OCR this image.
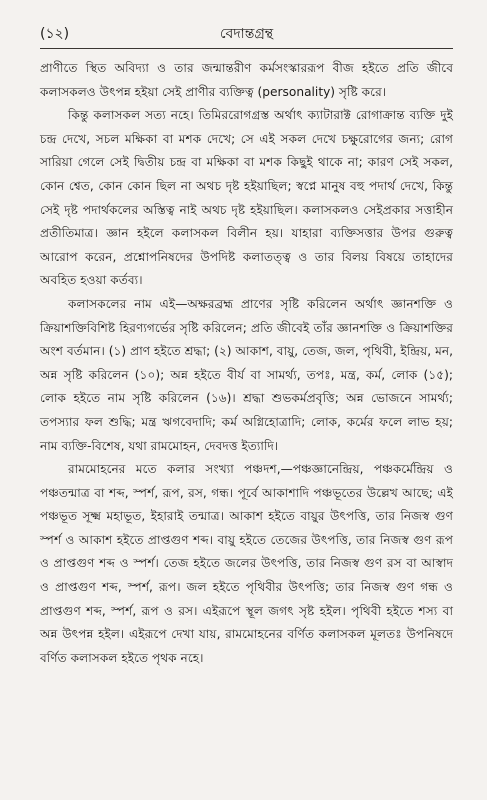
(১২)	বেদান্তগ্রন্থ

প্রাণীতে স্থিত অবিদ্যা ও তার জন্মান্তরীণ কর্মসংস্কাররূপ বীজ হইতে প্রতি জীবে কলাসকলও উৎপন্ন হইয়া সেই প্রাণীর ব্যক্তিত্ব (personality) সৃষ্টি করে।

কিন্তু কলাসকল সত্য নহে। তিমিররোগগ্রস্ত অর্থাৎ ক্যাটারাক্ট রোগাক্রান্ত ব্যক্তি দুই চন্দ্র দেখে, সচল মক্ষিকা বা মশক দেখে; সে এই সকল দেখে চক্ষুরোগের জন্য; রোগ সারিয়া গেলে সেই দ্বিতীয় চন্দ্র বা মক্ষিকা বা মশক কিছুই থাকে না; কারণ সেই সকল, কোন শ্বেত, কোন কোন ছিল না অথচ দৃষ্ট হইয়াছিল; স্বপ্নে মানুষ বহু পদার্থ দেখে, কিন্তু সেই দৃষ্ট পদার্থকলের অস্তিত্ব নাই অথচ দৃষ্ট হইয়াছিল। কলাসকলও সেইপ্রকার সত্তাহীন প্রতীতিমাত্র। জ্ঞান হইলে কলাসকল বিলীন হয়। যাহারা ব্যক্তিসত্তার উপর গুরুত্ব আরোপ করেন, প্রশ্নোপনিষদের উপদিষ্ট কলাতত্ত্ব ও তার বিলয় বিষয়ে তাহাদের অবহিত হওয়া কর্তব্য।

কলাসকলের নাম এই—অক্ষরব্রহ্ম প্রাণের সৃষ্টি করিলেন অর্থাৎ জ্ঞানশক্তি ও ক্রিয়াশক্তিবিশিষ্ট হিরণ্যগর্ভের সৃষ্টি করিলেন; প্রতি জীবেই তাঁর জ্ঞানশক্তি ও ক্রিয়াশক্তির অংশ বর্তমান। (১) প্রাণ হইতে শ্রদ্ধা; (২) আকাশ, বায়ু, তেজ, জল, পৃথিবী, ইন্দ্রিয়, মন, অন্ন সৃষ্টি করিলেন (১০); অন্ন হইতে বীর্য বা সামর্থ্য, তপঃ, মন্ত্র, কর্ম, লোক (১৫); লোক হইতে নাম সৃষ্টি করিলেন (১৬)। শ্রদ্ধা শুভকর্মপ্রবৃত্তি; অন্ন ভোজনে সামর্থ্য; তপস্যার ফল শুদ্ধি; মন্ত্র ঋগবেদাদি; কর্ম অগ্নিহোত্রাদি; লোক, কর্মের ফলে লাভ হয়; নাম ব্যক্তি-বিশেষ, যথা রামমোহন, দেবদত্ত ইত্যাদি।

রামমোহনের মতে কলার সংখ্যা পঞ্চদশ,—পঞ্চজ্ঞানেন্দ্রিয়, পঞ্চকর্মেন্দ্রিয় ও পঞ্চতন্মাত্র বা শব্দ, স্পর্শ, রূপ, রস, গন্ধ। পূর্বে আকাশাদি পঞ্চভূতের উল্লেখ আছে; এই পঞ্চভূত সূক্ষ্ম মহাভূত, ইহারাই তন্মাত্র। আকাশ হইতে বায়ুর উৎপত্তি, তার নিজস্ব গুণ স্পর্শ ও আকাশ হইতে প্রাপ্তগুণ শব্দ। বায়ু হইতে তেজের উৎপত্তি, তার নিজস্ব গুণ রূপ ও প্রাপ্তগুণ শব্দ ও স্পর্শ। তেজ হইতে জলের উৎপত্তি, তার নিজস্ব গুণ রস বা আস্বাদ ও প্রাপ্তগুণ শব্দ, স্পর্শ, রূপ। জল হইতে পৃথিবীর উৎপত্তি; তার নিজস্ব গুণ গন্ধ ও প্রাপ্তগুণ শব্দ, স্পর্শ, রূপ ও রস। এইরূপে স্থূল জগৎ সৃষ্ট হইল। পৃথিবী হইতে শস্য বা অন্ন উৎপন্ন হইল। এইরূপে দেখা যায়, রামমোহনের বর্ণিত কলাসকল মূলতঃ উপনিষদে বর্ণিত কলাসকল হইতে পৃথক নহে।
